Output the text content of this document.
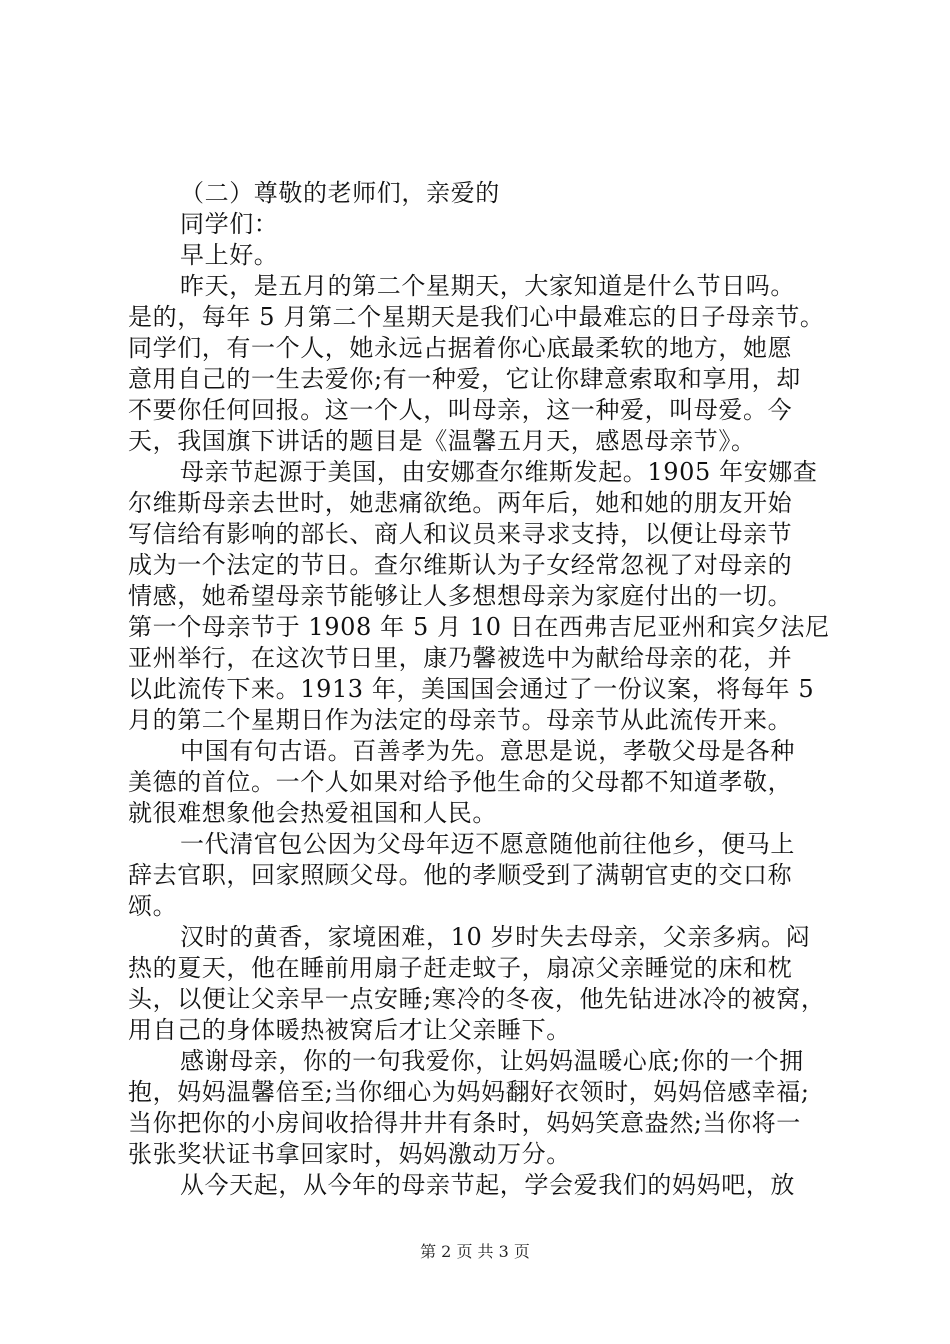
（二）尊敬的老师们，亲爱的
同学们：
早上好。
昨天，是五月的第二个星期天，大家知道是什么节日吗。
是的，每年 5 月第二个星期天是我们心中最难忘的日子母亲节。
同学们，有一个人，她永远占据着你心底最柔软的地方，她愿
意用自己的一生去爱你;有一种爱，它让你肆意索取和享用，却
不要你任何回报。这一个人，叫母亲，这一种爱，叫母爱。今
天，我国旗下讲话的题目是《温馨五月天，感恩母亲节》。
母亲节起源于美国，由安娜查尔维斯发起。1905 年安娜查
尔维斯母亲去世时，她悲痛欲绝。两年后，她和她的朋友开始
写信给有影响的部长、商人和议员来寻求支持，以便让母亲节
成为一个法定的节日。查尔维斯认为子女经常忽视了对母亲的
情感，她希望母亲节能够让人多想想母亲为家庭付出的一切。
第一个母亲节于 1908 年 5 月 10 日在西弗吉尼亚州和宾夕法尼
亚州举行，在这次节日里，康乃馨被选中为献给母亲的花，并
以此流传下来。1913 年，美国国会通过了一份议案，将每年 5
月的第二个星期日作为法定的母亲节。母亲节从此流传开来。
中国有句古语。百善孝为先。意思是说，孝敬父母是各种
美德的首位。一个人如果对给予他生命的父母都不知道孝敬，
就很难想象他会热爱祖国和人民。
一代清官包公因为父母年迈不愿意随他前往他乡，便马上
辞去官职，回家照顾父母。他的孝顺受到了满朝官吏的交口称
颂。
汉时的黄香，家境困难，10 岁时失去母亲，父亲多病。闷
热的夏天，他在睡前用扇子赶走蚊子，扇凉父亲睡觉的床和枕
头，以便让父亲早一点安睡;寒冷的冬夜，他先钻进冰冷的被窝，
用自己的身体暖热被窝后才让父亲睡下。
感谢母亲，你的一句我爱你，让妈妈温暖心底;你的一个拥
抱，妈妈温馨倍至;当你细心为妈妈翻好衣领时，妈妈倍感幸福;
当你把你的小房间收拾得井井有条时，妈妈笑意盎然;当你将一
张张奖状证书拿回家时，妈妈激动万分。
从今天起，从今年的母亲节起，学会爱我们的妈妈吧，放
第 2 页 共 3 页
